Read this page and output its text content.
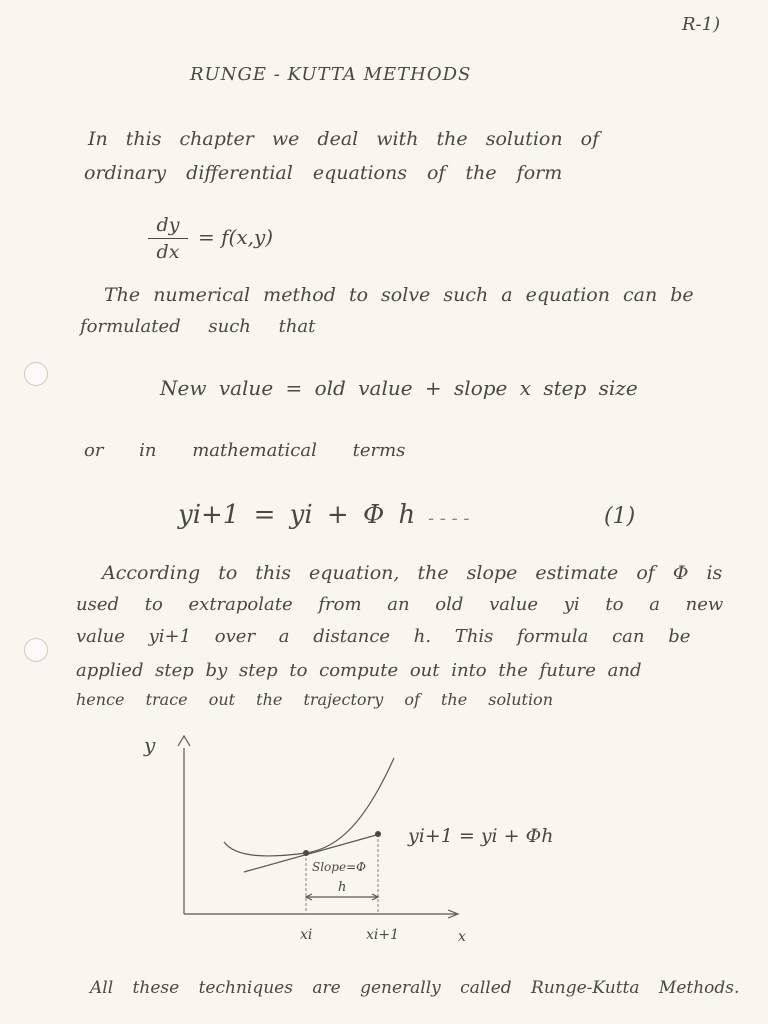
R-1)
RUNGE - KUTTA METHODS
In this chapter we deal with the solution of
ordinary differential equations of the form
dy
dx
= f(x,y)
The numerical method to solve such a equation can be
formulated such that
New value = old value + slope x step size
or in mathematical terms
yi+1 = yi + Φ h - - - -	(1)
According to this equation, the slope estimate of Φ is
used to extrapolate from an old value yi to a new
value yi+1 over a distance h. This formula can be
applied step by step to compute out into the future and
hence trace out the trajectory of the solution
y
x
xi	xi+1
Slope=Φ
h
yi+1 = yi + Φh
All these techniques are generally called Runge-Kutta Methods.
